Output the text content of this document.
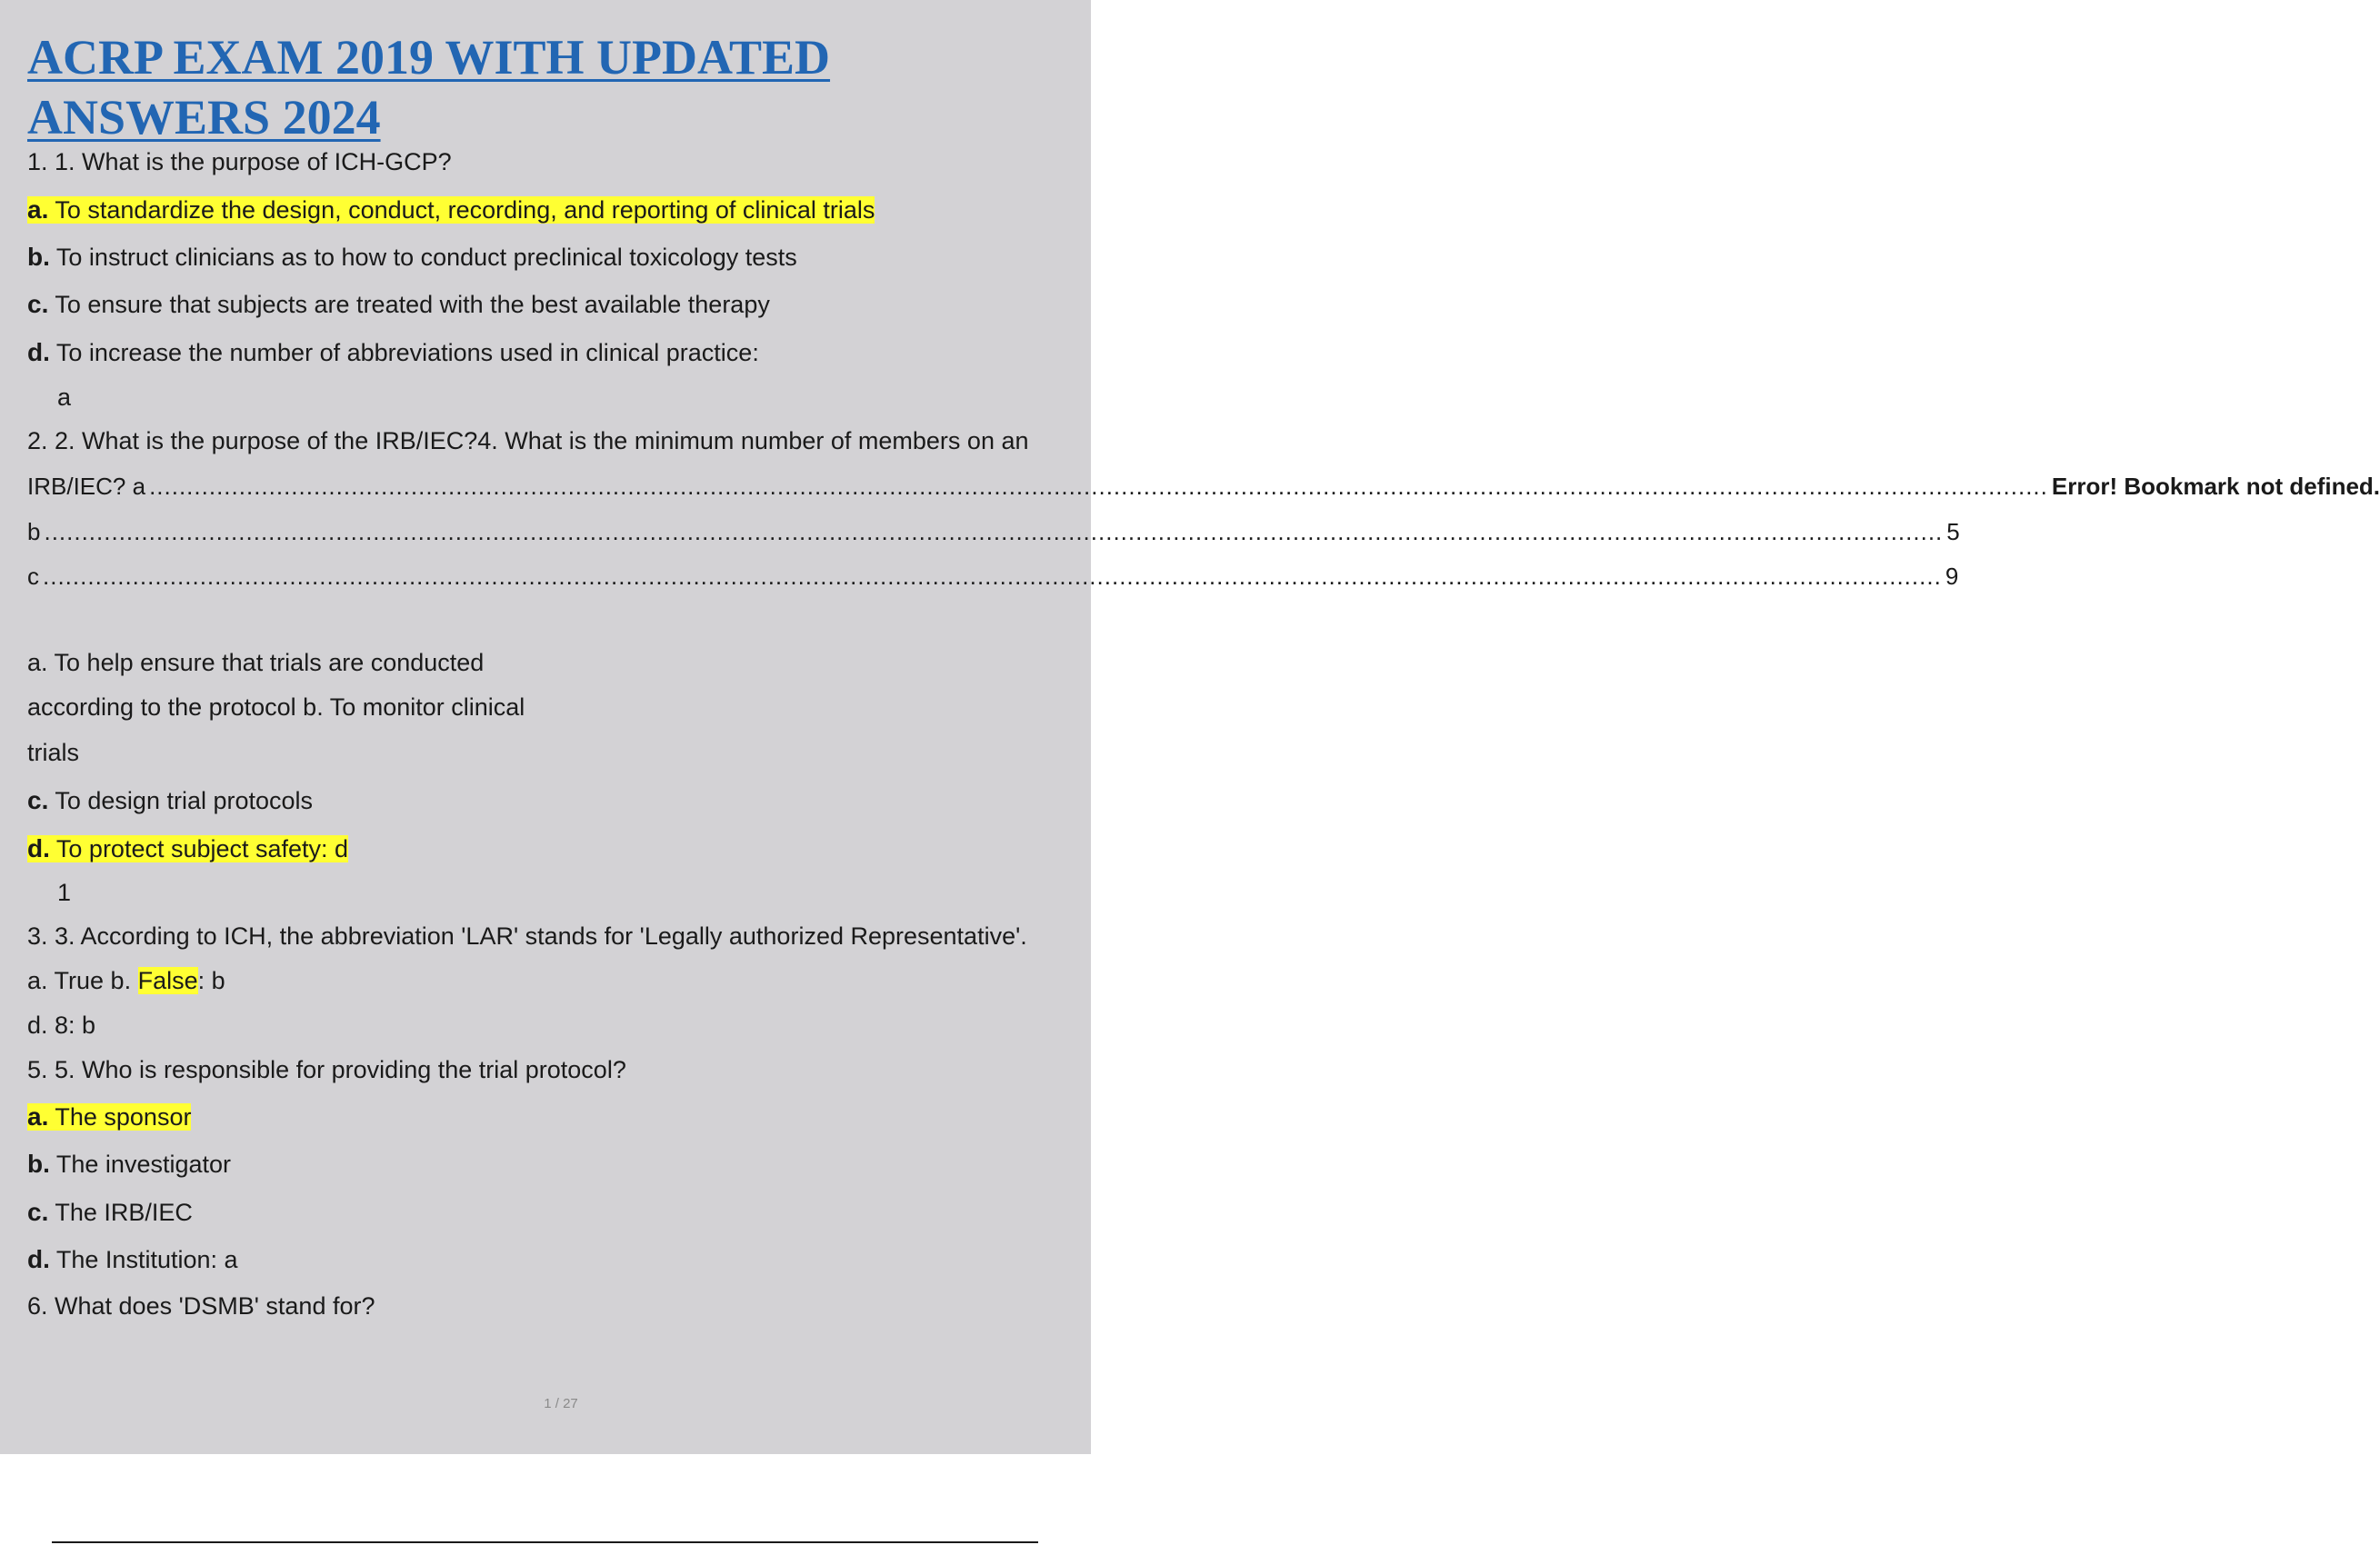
ACRP EXAM 2019 WITH UPDATED ANSWERS 2024
1. 1. What is the purpose of ICH-GCP?
a. To standardize the design, conduct, recording, and reporting of clinical trials
b. To instruct clinicians as to how to conduct preclinical toxicology tests
c. To ensure that subjects are treated with the best available therapy
d. To increase the number of abbreviations used in clinical practice:
a
2. 2. What is the purpose of the IRB/IEC?4. What is the minimum number of members on an
IRB/IEC? a .....	Error! Bookmark not defined.
b .....	5
c .....	9
a. To help ensure that trials are conducted
according to the protocol b. To monitor clinical
trials
c. To design trial protocols
d. To protect subject safety: d
1
3. 3. According to ICH, the abbreviation 'LAR' stands for 'Legally authorized Representative'.
a. True b. False: b
d. 8: b
5. 5. Who is responsible for providing the trial protocol?
a. The sponsor
b. The investigator
c. The IRB/IEC
d. The Institution: a
6. What does 'DSMB' stand for?
1 / 27
